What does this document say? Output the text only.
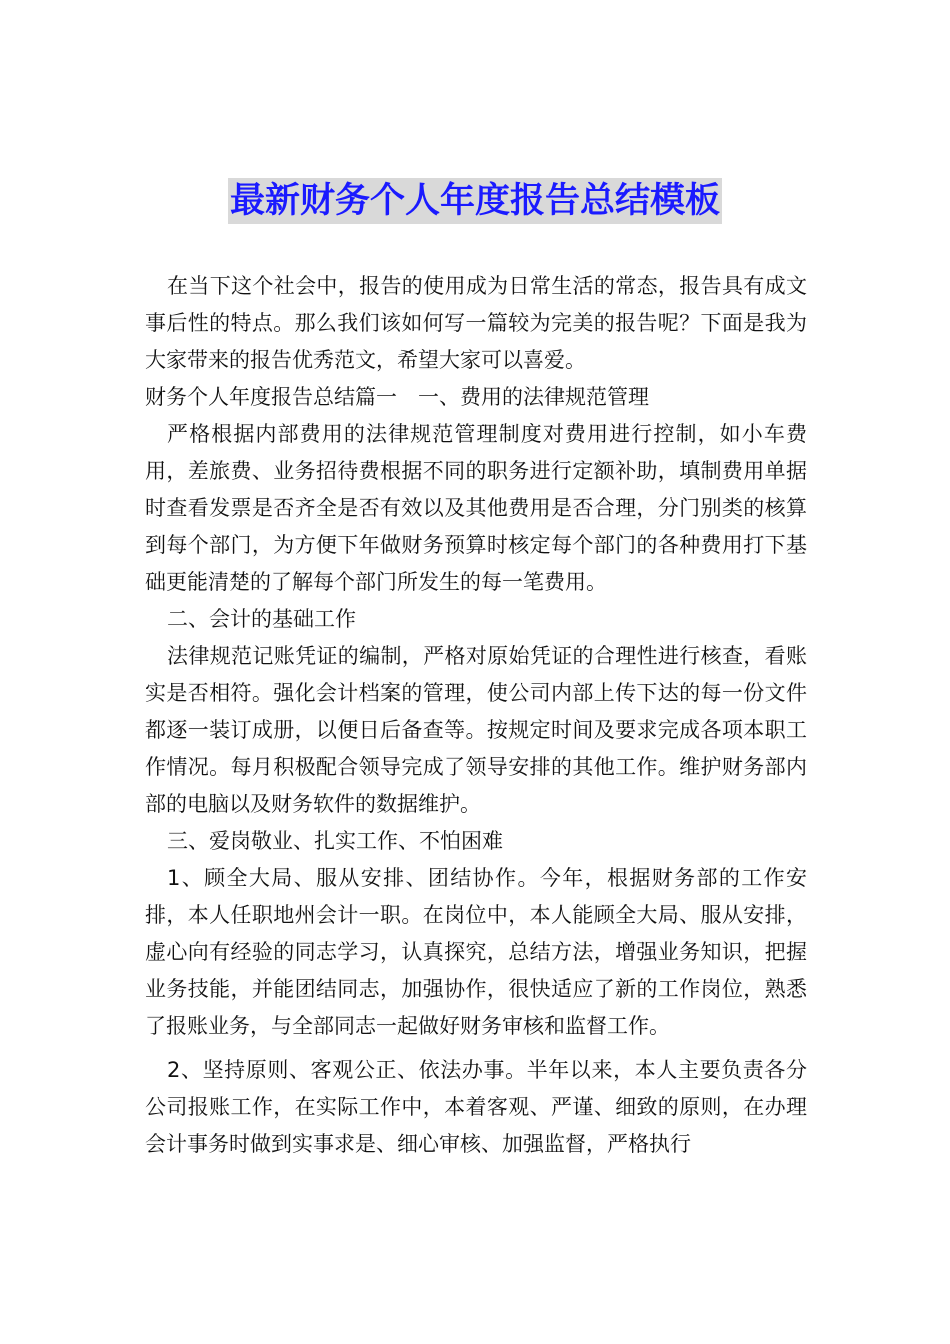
最新财务个人年度报告总结模板

在当下这个社会中，报告的使用成为日常生活的常态，报告具有成文事后性的特点。那么我们该如何写一篇较为完美的报告呢？下面是我为大家带来的报告优秀范文，希望大家可以喜爱。

财务个人年度报告总结篇一　一、费用的法律规范管理

严格根据内部费用的法律规范管理制度对费用进行控制，如小车费用，差旅费、业务招待费根据不同的职务进行定额补助，填制费用单据时查看发票是否齐全是否有效以及其他费用是否合理，分门别类的核算到每个部门，为方便下年做财务预算时核定每个部门的各种费用打下基础更能清楚的了解每个部门所发生的每一笔费用。

二、会计的基础工作

法律规范记账凭证的编制，严格对原始凭证的合理性进行核查，看账实是否相符。强化会计档案的管理，使公司内部上传下达的每一份文件都逐一装订成册，以便日后备查等。按规定时间及要求完成各项本职工作情况。每月积极配合领导完成了领导安排的其他工作。维护财务部内部的电脑以及财务软件的数据维护。

三、爱岗敬业、扎实工作、不怕困难

1、顾全大局、服从安排、团结协作。今年，根据财务部的工作安排，本人任职地州会计一职。在岗位中，本人能顾全大局、服从安排，虚心向有经验的同志学习，认真探究，总结方法，增强业务知识，把握业务技能，并能团结同志，加强协作，很快适应了新的工作岗位，熟悉了报账业务，与全部同志一起做好财务审核和监督工作。

2、坚持原则、客观公正、依法办事。半年以来，本人主要负责各分公司报账工作，在实际工作中，本着客观、严谨、细致的原则，在办理会计事务时做到实事求是、细心审核、加强监督，严格执行
